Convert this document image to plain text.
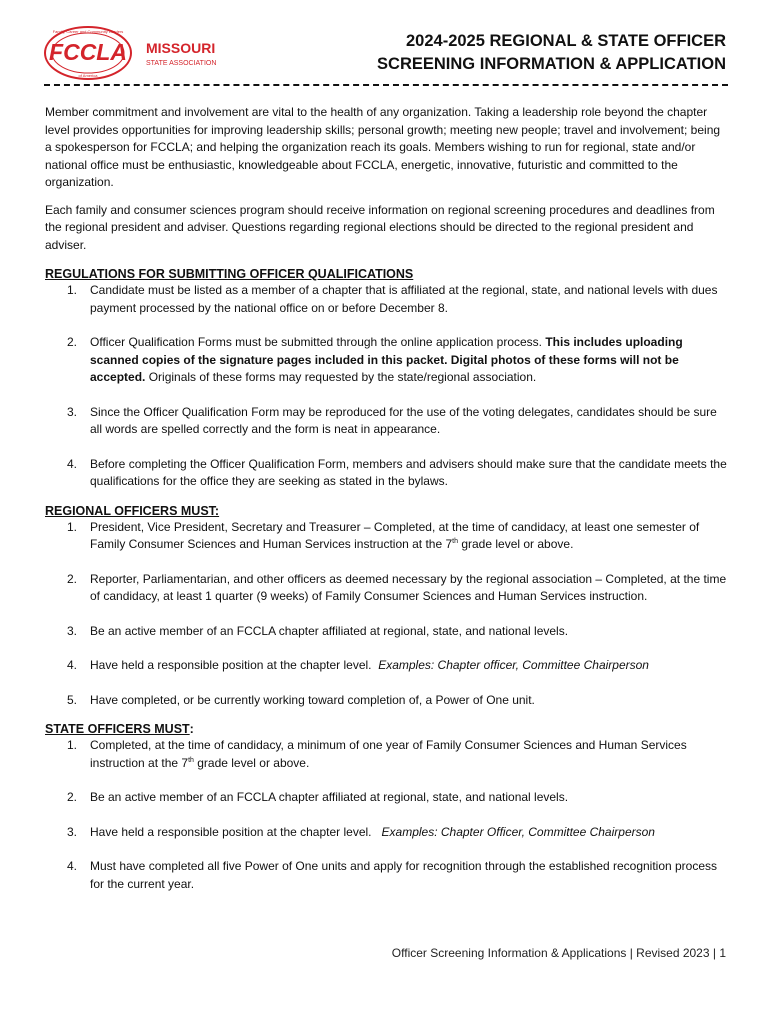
FCCLA
Family, Career and Community Leaders
of America
MISSOURI
STATE ASSOCIATION
2024-2025 REGIONAL & STATE OFFICER
SCREENING INFORMATION & APPLICATION

Member commitment and involvement are vital to the health of any organization. Taking a leadership role beyond the chapter level provides opportunities for improving leadership skills; personal growth; meeting new people; travel and involvement; being a spokesperson for FCCLA; and helping the organization reach its goals. Members wishing to run for regional, state and/or national office must be enthusiastic, knowledgeable about FCCLA, energetic, innovative, futuristic and committed to the organization.

Each family and consumer sciences program should receive information on regional screening procedures and deadlines from the regional president and adviser. Questions regarding regional elections should be directed to the regional president and adviser.

REGULATIONS FOR SUBMITTING OFFICER QUALIFICATIONS
1. Candidate must be listed as a member of a chapter that is affiliated at the regional, state, and national levels with dues payment processed by the national office on or before December 8.
2. Officer Qualification Forms must be submitted through the online application process. This includes uploading scanned copies of the signature pages included in this packet. Digital photos of these forms will not be accepted. Originals of these forms may requested by the state/regional association.
3. Since the Officer Qualification Form may be reproduced for the use of the voting delegates, candidates should be sure all words are spelled correctly and the form is neat in appearance.
4. Before completing the Officer Qualification Form, members and advisers should make sure that the candidate meets the qualifications for the office they are seeking as stated in the bylaws.
REGIONAL OFFICERS MUST:
1. President, Vice President, Secretary and Treasurer – Completed, at the time of candidacy, at least one semester of Family Consumer Sciences and Human Services instruction at the 7th grade level or above.
2. Reporter, Parliamentarian, and other officers as deemed necessary by the regional association – Completed, at the time of candidacy, at least 1 quarter (9 weeks) of Family Consumer Sciences and Human Services instruction.
3. Be an active member of an FCCLA chapter affiliated at regional, state, and national levels.
4. Have held a responsible position at the chapter level.  Examples: Chapter officer, Committee Chairperson
5. Have completed, or be currently working toward completion of, a Power of One unit.
STATE OFFICERS MUST:
1. Completed, at the time of candidacy, a minimum of one year of Family Consumer Sciences and Human Services instruction at the 7th grade level or above.
2. Be an active member of an FCCLA chapter affiliated at regional, state, and national levels.
3. Have held a responsible position at the chapter level.   Examples: Chapter Officer, Committee Chairperson
4. Must have completed all five Power of One units and apply for recognition through the established recognition process for the current year.
Officer Screening Information & Applications | Revised 2023 | 1
